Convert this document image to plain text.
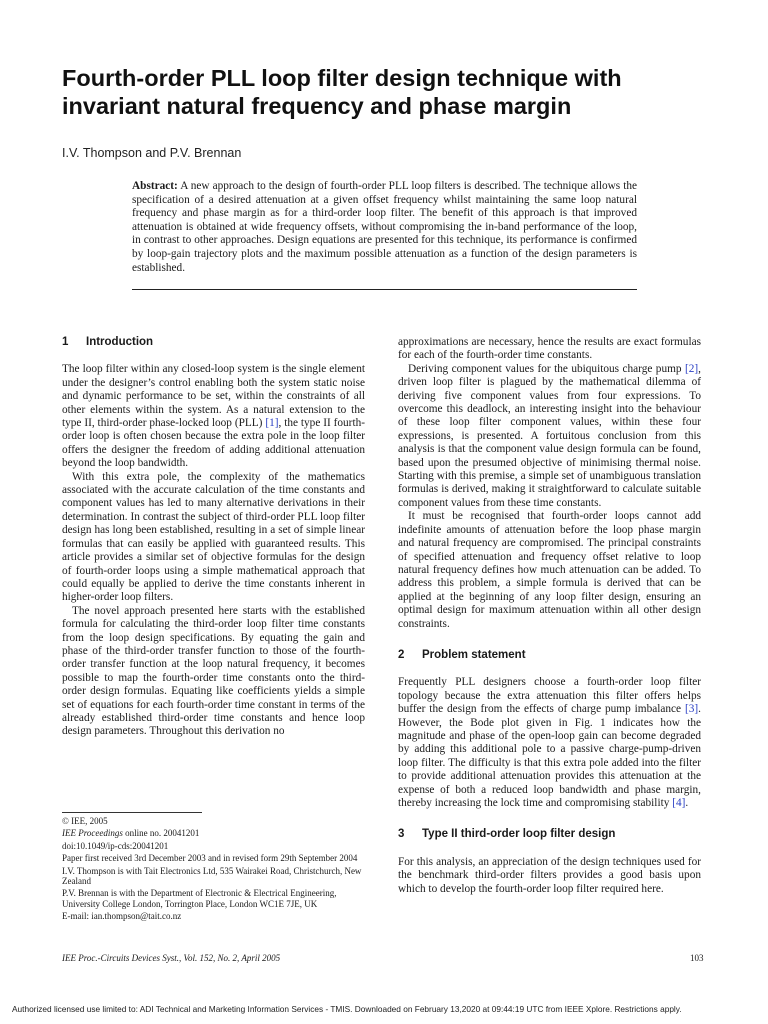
Fourth-order PLL loop filter design technique with invariant natural frequency and phase margin
I.V. Thompson and P.V. Brennan

Abstract: A new approach to the design of fourth-order PLL loop filters is described. The technique allows the specification of a desired attenuation at a given offset frequency whilst maintaining the same loop natural frequency and phase margin as for a third-order loop filter. The benefit of this approach is that improved attenuation is obtained at wide frequency offsets, without compromising the in-band performance of the loop, in contrast to other approaches. Design equations are presented for this technique, its performance is confirmed by loop-gain trajectory plots and the maximum possible attenuation as a function of the design parameters is established.

1 Introduction

The loop filter within any closed-loop system is the single element under the designer’s control enabling both the system static noise and dynamic performance to be set, within the constraints of all other elements within the system. As a natural extension to the type II, third-order phase-locked loop (PLL) [1], the type II fourth-order loop is often chosen because the extra pole in the loop filter offers the designer the freedom of adding additional attenuation beyond the loop bandwidth.

With this extra pole, the complexity of the mathematics associated with the accurate calculation of the time constants and component values has led to many alternative derivations in their determination. In contrast the subject of third-order PLL loop filter design has long been established, resulting in a set of simple linear formulas that can easily be applied with guaranteed results. This article provides a similar set of objective formulas for the design of fourth-order loops using a simple mathematical approach that could equally be applied to derive the time constants inherent in higher-order loop filters.

The novel approach presented here starts with the established formula for calculating the third-order loop filter time constants from the loop design specifications. By equating the gain and phase of the third-order transfer function to those of the fourth-order transfer function at the loop natural frequency, it becomes possible to map the fourth-order time constants onto the third-order design formulas. Equating like coefficients yields a simple set of equations for each fourth-order time constant in terms of the already established third-order time constants and hence loop design parameters. Throughout this derivation no

approximations are necessary, hence the results are exact formulas for each of the fourth-order time constants.

Deriving component values for the ubiquitous charge pump [2], driven loop filter is plagued by the mathematical dilemma of deriving five component values from four expressions. To overcome this deadlock, an interesting insight into the behaviour of these loop filter component values, within these four expressions, is presented. A fortuitous conclusion from this analysis is that the component value design formula can be found, based upon the presumed objective of minimising thermal noise. Starting with this premise, a simple set of unambiguous translation formulas is derived, making it straightforward to calculate suitable component values from these time constants.

It must be recognised that fourth-order loops cannot add indefinite amounts of attenuation before the loop phase margin and natural frequency are compromised. The principal constraints of specified attenuation and frequency offset relative to loop natural frequency defines how much attenuation can be added. To address this problem, a simple formula is derived that can be applied at the beginning of any loop filter design, ensuring an optimal design for maximum attenuation within all other design constraints.

2 Problem statement

Frequently PLL designers choose a fourth-order loop filter topology because the extra attenuation this filter offers helps buffer the design from the effects of charge pump imbalance [3]. However, the Bode plot given in Fig. 1 indicates how the magnitude and phase of the open-loop gain can become degraded by adding this additional pole to a passive charge-pump-driven loop filter. The difficulty is that this extra pole added into the filter to provide additional attenuation provides this attenuation at the expense of both a reduced loop bandwidth and phase margin, thereby increasing the lock time and compromising stability [4].

3 Type II third-order loop filter design

For this analysis, an appreciation of the design techniques used for the benchmark third-order filters provides a good basis upon which to develop the fourth-order loop filter required here.

© IEE, 2005
IEE Proceedings online no. 20041201
doi:10.1049/ip-cds:20041201
Paper first received 3rd December 2003 and in revised form 29th September 2004
I.V. Thompson is with Tait Electronics Ltd, 535 Wairakei Road, Christchurch, New Zealand
P.V. Brennan is with the Department of Electronic & Electrical Engineering, University College London, Torrington Place, London WC1E 7JE, UK
E-mail: ian.thompson@tait.co.nz
IEE Proc.-Circuits Devices Syst., Vol. 152, No. 2, April 2005	103
Authorized licensed use limited to: ADI Technical and Marketing Information Services - TMIS. Downloaded on February 13,2020 at 09:44:19 UTC from IEEE Xplore. Restrictions apply.
